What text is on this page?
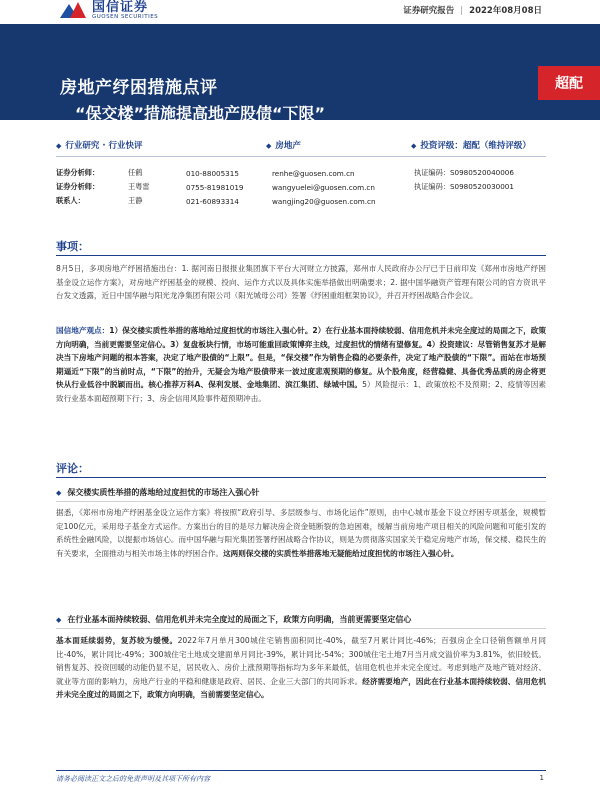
国信证券
GUOSEN SECURITIES
证券研究报告 | 2022年08月08日
房地产纾困措施点评
“保交楼”措施提高地产股债“下限”
超配
◆ 行业研究 · 行业快评	◆ 房地产	◆ 投资评级：超配（维持评级）
证券分析师：	任鹤	010-88005315	renhe@guosen.com.cn	执证编码：S0980520040006
证券分析师：	王粤雷	0755-81981019	wangyuelei@guosen.com.cn	执证编码：S0980520030001
联系人：	王静	021-60893314	wangjing20@guosen.com.cn
事项：
8月5日，多项房地产纾困措施出台：1. 据河南日报报业集团旗下平台大河财立方披露，郑州市人民政府办公厅已于日前印发《郑州市房地产纾困基金设立运作方案》，对房地产纾困基金的规模、投向、运作方式以及具体实施举措做出明确要求；2. 据中国华融资产管理有限公司的官方资讯平台发文透露，近日中国华融与阳光龙净集团有限公司（阳光城母公司）签署《纾困重组框架协议》，并召开纾困战略合作会议。
国信地产观点：1）保交楼实质性举措的落地给过度担忧的市场注入强心针。2）在行业基本面持续较弱、信用危机并未完全度过的局面之下，政策方向明确，当前更需要坚定信心。3）复盘板块行情，市场可能重回政策博弈主线，过度担忧的情绪有望修复。4）投资建议：尽管销售复苏才是解决当下房地产问题的根本答案，决定了地产股债的“上限”。但是，“保交楼”作为销售企稳的必要条件，决定了地产股债的“下限”。而站在市场预期逼近“下限”的当前时点，“下限”的抬升，无疑会为地产股债带来一波过度悲观预期的修复。从个股角度，经营稳健、具备优秀品质的房企将更快从行业低谷中脱颖而出。核心推荐万科A、保利发展、金地集团、滨江集团、绿城中国。5）风险提示：1、政策放松不及预期；2、疫情等因素致行业基本面超预期下行；3、房企信用风险事件超预期冲击。
评论：
◆ 保交楼实质性举措的落地给过度担忧的市场注入强心针
据悉，《郑州市房地产纾困基金设立运作方案》将按照“政府引导、多层级参与、市场化运作”原则，由中心城市基金下设立纾困专项基金，规模暂定100亿元，采用母子基金方式运作。方案出台的目的是尽力解决房企资金链断裂的急迫困难，缓解当前房地产项目相关的风险问题和可能引发的系统性金融风险，以提振市场信心。而中国华融与阳光集团签署纾困战略合作协议，则是为贯彻落实国家关于稳定房地产市场，保交楼、稳民生的有关要求，全面推动与相关市场主体的纾困合作。这两则保交楼的实质性举措落地无疑能给过度担忧的市场注入强心针。
◆ 在行业基本面持续较弱、信用危机并未完全度过的局面之下，政策方向明确，当前更需要坚定信心
基本面延续弱势，复苏较为缓慢。2022年7月单月300城住宅销售面积同比-40%，截至7月累计同比-46%；百强房企全口径销售额单月同比-40%，累计同比-49%；300城住宅土地成交建面单月同比-39%，累计同比-54%；300城住宅土地7月当月成交溢价率为3.81%，依旧较低。销售复苏、投资回暖的动能仍显不足，居民收入、房价上涨预期等指标均为多年来最低，信用危机也并未完全度过。考虑到地产及地产链对经济、就业等方面的影响力，房地产行业的平稳和健康是政府、居民、企业三大部门的共同诉求。经济需要地产，因此在行业基本面持续较弱、信用危机并未完全度过的局面之下，政策方向明确，当前需要坚定信心。
请务必阅读正文之后的免责声明及其项下所有内容	1
